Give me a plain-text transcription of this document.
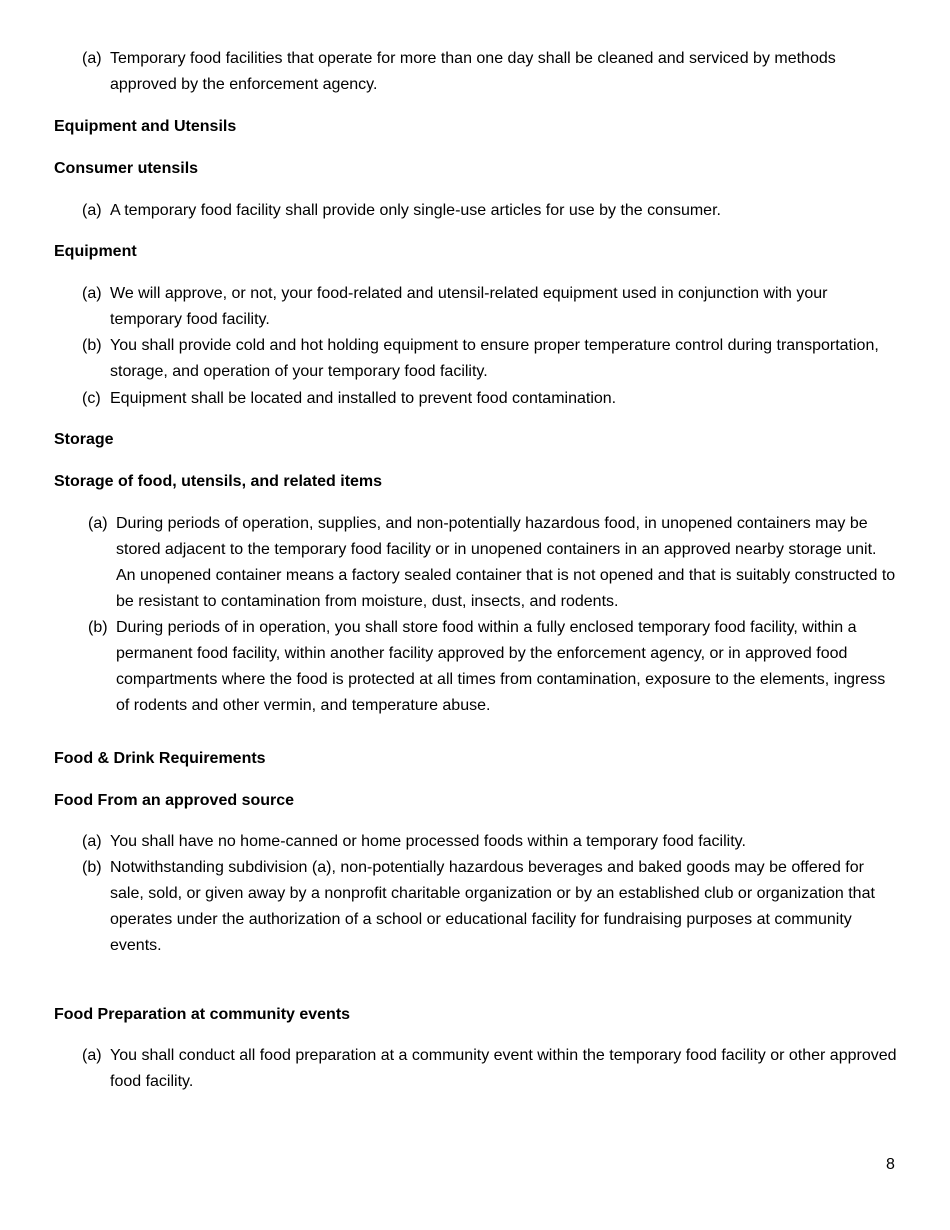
(a) Temporary food facilities that operate for more than one day shall be cleaned and serviced by methods approved by the enforcement agency.
Equipment and Utensils
Consumer utensils
(a) A temporary food facility shall provide only single-use articles for use by the consumer.
Equipment
(a) We will approve, or not, your food-related and utensil-related equipment used in conjunction with your temporary food facility.
(b) You shall provide cold and hot holding equipment to ensure proper temperature control during transportation, storage, and operation of your temporary food facility.
(c) Equipment shall be located and installed to prevent food contamination.
Storage
Storage of food, utensils, and related items
(a) During periods of operation, supplies, and non-potentially hazardous food, in unopened containers may be stored adjacent to the temporary food facility or in unopened containers in an approved nearby storage unit. An unopened container means a factory sealed container that is not opened and that is suitably constructed to be resistant to contamination from moisture, dust, insects, and rodents.
(b) During periods of in operation, you shall store food within a fully enclosed temporary food facility, within a permanent food facility, within another facility approved by the enforcement agency, or in approved food compartments where the food is protected at all times from contamination, exposure to the elements, ingress of rodents and other vermin, and temperature abuse.
Food & Drink Requirements
Food From an approved source
(a) You shall have no home-canned or home processed foods within a temporary food facility.
(b) Notwithstanding subdivision (a), non-potentially hazardous beverages and baked goods may be offered for sale, sold, or given away by a nonprofit charitable organization or by an established club or organization that operates under the authorization of a school or educational facility for fundraising purposes at community events.
Food Preparation at community events
(a) You shall conduct all food preparation at a community event within the temporary food facility or other approved food facility.
8
